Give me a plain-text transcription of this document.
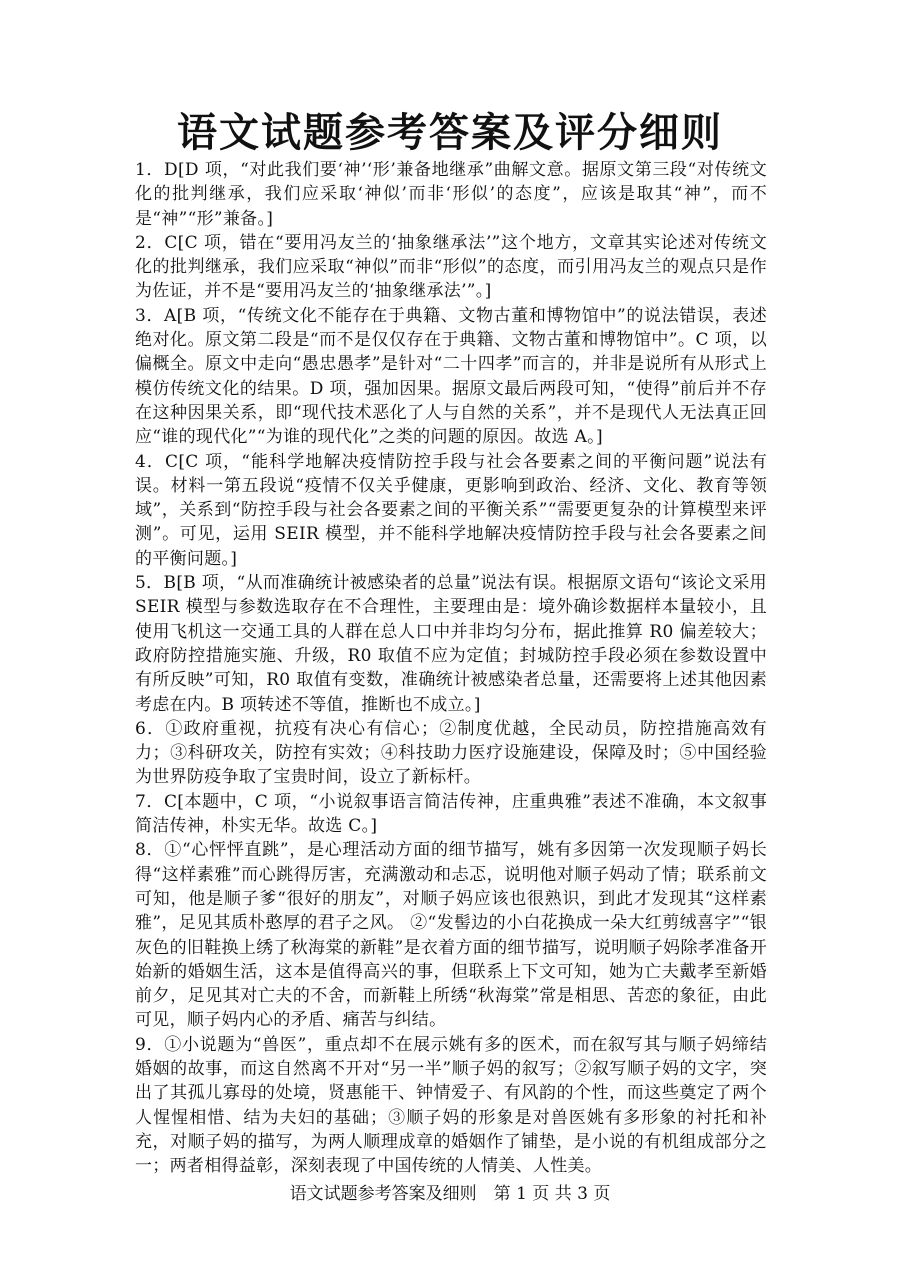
语文试题参考答案及评分细则

1．D[D 项，“对此我们要‘神’‘形’兼备地继承”曲解文意。据原文第三段“对传统文化的批判继承，我们应采取‘神似’而非‘形似’的态度”，应该是取其“神”，而不是“神”“形”兼备。]

2．C[C 项，错在“要用冯友兰的‘抽象继承法’”这个地方，文章其实论述对传统文化的批判继承，我们应采取“神似”而非“形似”的态度，而引用冯友兰的观点只是作为佐证，并不是“要用冯友兰的‘抽象继承法’”。]

3．A[B 项，“传统文化不能存在于典籍、文物古董和博物馆中”的说法错误，表述绝对化。原文第二段是“而不是仅仅存在于典籍、文物古董和博物馆中”。C 项，以偏概全。原文中走向“愚忠愚孝”是针对“二十四孝”而言的，并非是说所有从形式上模仿传统文化的结果。D 项，强加因果。据原文最后两段可知，“使得”前后并不存在这种因果关系，即“现代技术恶化了人与自然的关系”，并不是现代人无法真正回应“谁的现代化”“为谁的现代化”之类的问题的原因。故选 A。]

4．C[C 项，“能科学地解决疫情防控手段与社会各要素之间的平衡问题”说法有误。材料一第五段说“疫情不仅关乎健康，更影响到政治、经济、文化、教育等领域”，关系到“防控手段与社会各要素之间的平衡关系”“需要更复杂的计算模型来评测”。可见，运用 SEIR 模型，并不能科学地解决疫情防控手段与社会各要素之间的平衡问题。]

5．B[B 项，“从而准确统计被感染者的总量”说法有误。根据原文语句“该论文采用 SEIR 模型与参数选取存在不合理性，主要理由是：境外确诊数据样本量较小，且使用飞机这一交通工具的人群在总人口中并非均匀分布，据此推算 R0 偏差较大；政府防控措施实施、升级，R0 取值不应为定值；封城防控手段必须在参数设置中有所反映”可知，R0 取值有变数，准确统计被感染者总量，还需要将上述其他因素考虑在内。B 项转述不等值，推断也不成立。]

6．①政府重视，抗疫有决心有信心；②制度优越，全民动员，防控措施高效有力；③科研攻关，防控有实效；④科技助力医疗设施建设，保障及时；⑤中国经验为世界防疫争取了宝贵时间，设立了新标杆。

7．C[本题中，C 项，“小说叙事语言简洁传神，庄重典雅”表述不准确，本文叙事简洁传神，朴实无华。故选 C。]

8．①“心怦怦直跳”，是心理活动方面的细节描写，姚有多因第一次发现顺子妈长得“这样素雅”而心跳得厉害，充满激动和忐忑，说明他对顺子妈动了情；联系前文可知，他是顺子爹“很好的朋友”，对顺子妈应该也很熟识，到此才发现其“这样素雅”，足见其质朴憨厚的君子之风。 ②“发髻边的小白花换成一朵大红剪绒喜字”“银灰色的旧鞋换上绣了秋海棠的新鞋”是衣着方面的细节描写，说明顺子妈除孝准备开始新的婚姻生活，这本是值得高兴的事，但联系上下文可知，她为亡夫戴孝至新婚前夕，足见其对亡夫的不舍，而新鞋上所绣“秋海棠”常是相思、苦恋的象征，由此可见，顺子妈内心的矛盾、痛苦与纠结。

9．①小说题为“兽医”，重点却不在展示姚有多的医术，而在叙写其与顺子妈缔结婚姻的故事，而这自然离不开对“另一半”顺子妈的叙写；②叙写顺子妈的文字，突出了其孤儿寡母的处境，贤惠能干、钟情爱子、有风韵的个性，而这些奠定了两个人惺惺相惜、结为夫妇的基础；③顺子妈的形象是对兽医姚有多形象的衬托和补充，对顺子妈的描写，为两人顺理成章的婚姻作了铺垫，是小说的有机组成部分之一；两者相得益彰，深刻表现了中国传统的人情美、人性美。

语文试题参考答案及细则　第 1 页 共 3 页
